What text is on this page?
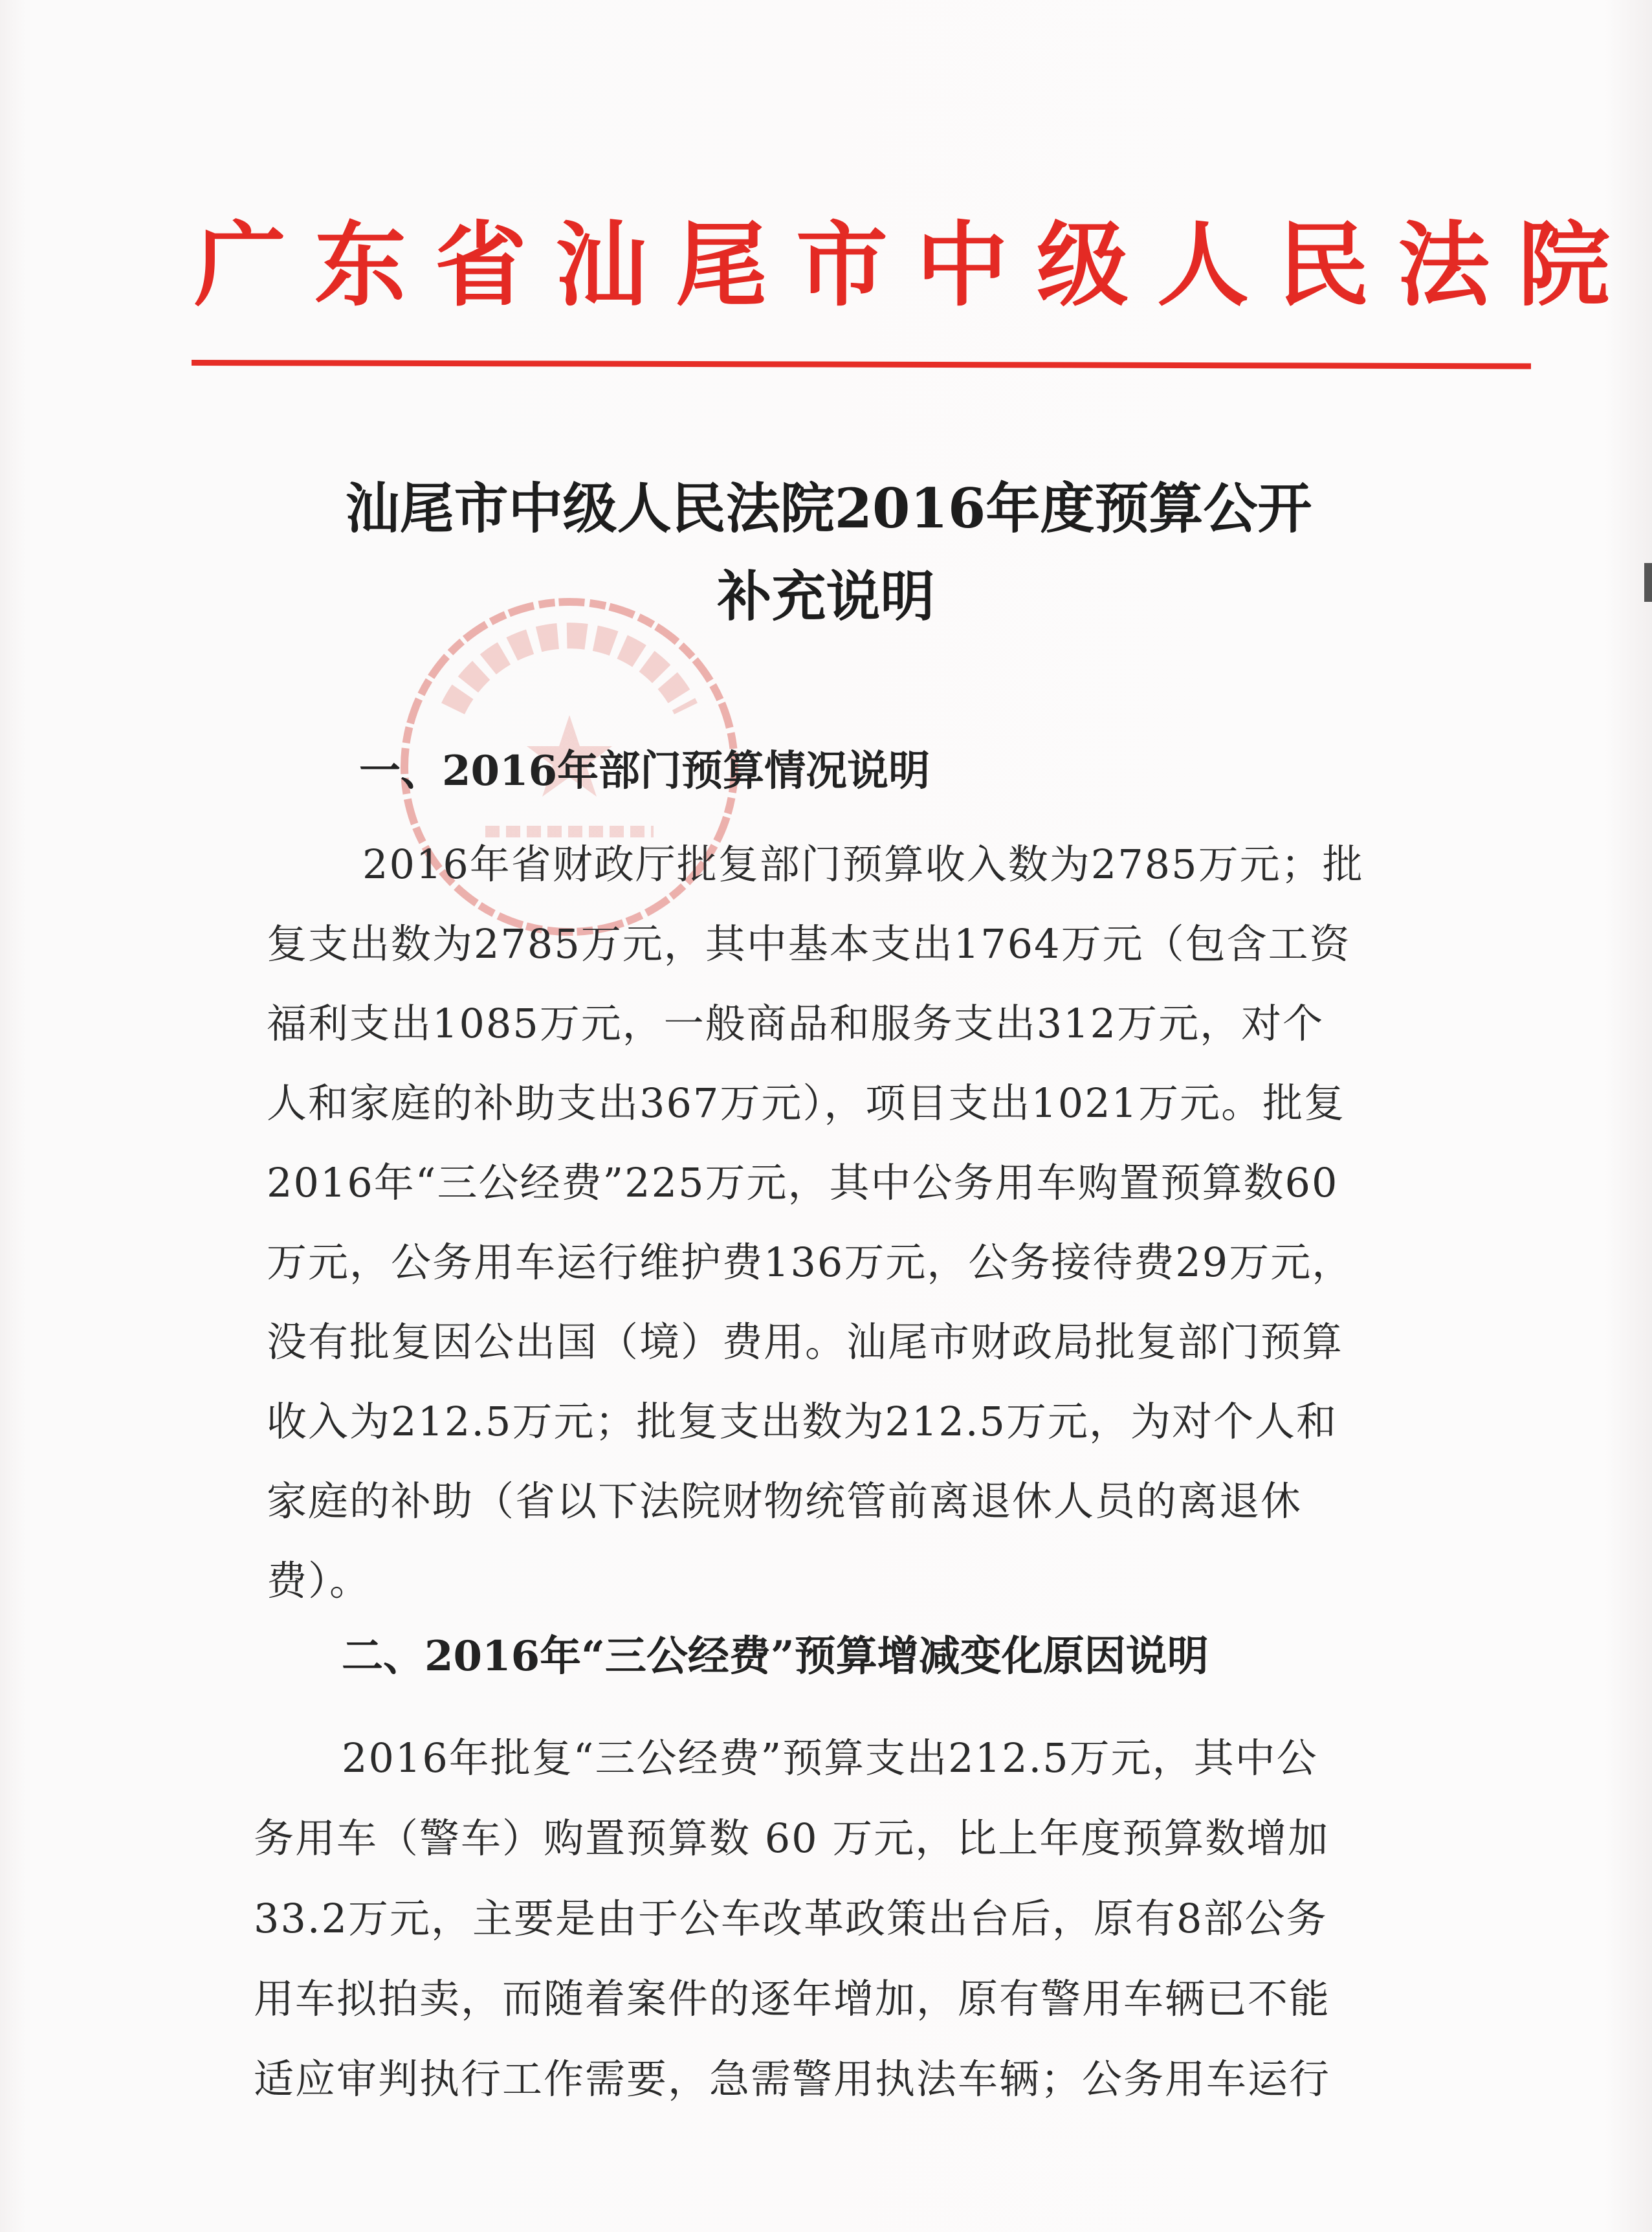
广东省汕尾市中级人民法院
汕尾市中级人民法院2016年度预算公开
补充说明
一、2016年部门预算情况说明
2016年省财政厅批复部门预算收入数为2785万元；批
复支出数为2785万元，其中基本支出1764万元（包含工资
福利支出1085万元，一般商品和服务支出312万元，对个
人和家庭的补助支出367万元），项目支出1021万元。批复
2016年“三公经费”225万元，其中公务用车购置预算数60
万元，公务用车运行维护费136万元，公务接待费29万元，
没有批复因公出国（境）费用。汕尾市财政局批复部门预算
收入为212.5万元；批复支出数为212.5万元，为对个人和
家庭的补助（省以下法院财物统管前离退休人员的离退休
费）。
二、2016年“三公经费”预算增减变化原因说明
2016年批复“三公经费”预算支出212.5万元，其中公
务用车（警车）购置预算数 60 万元，比上年度预算数增加
33.2万元，主要是由于公车改革政策出台后，原有8部公务
用车拟拍卖，而随着案件的逐年增加，原有警用车辆已不能
适应审判执行工作需要，急需警用执法车辆；公务用车运行
